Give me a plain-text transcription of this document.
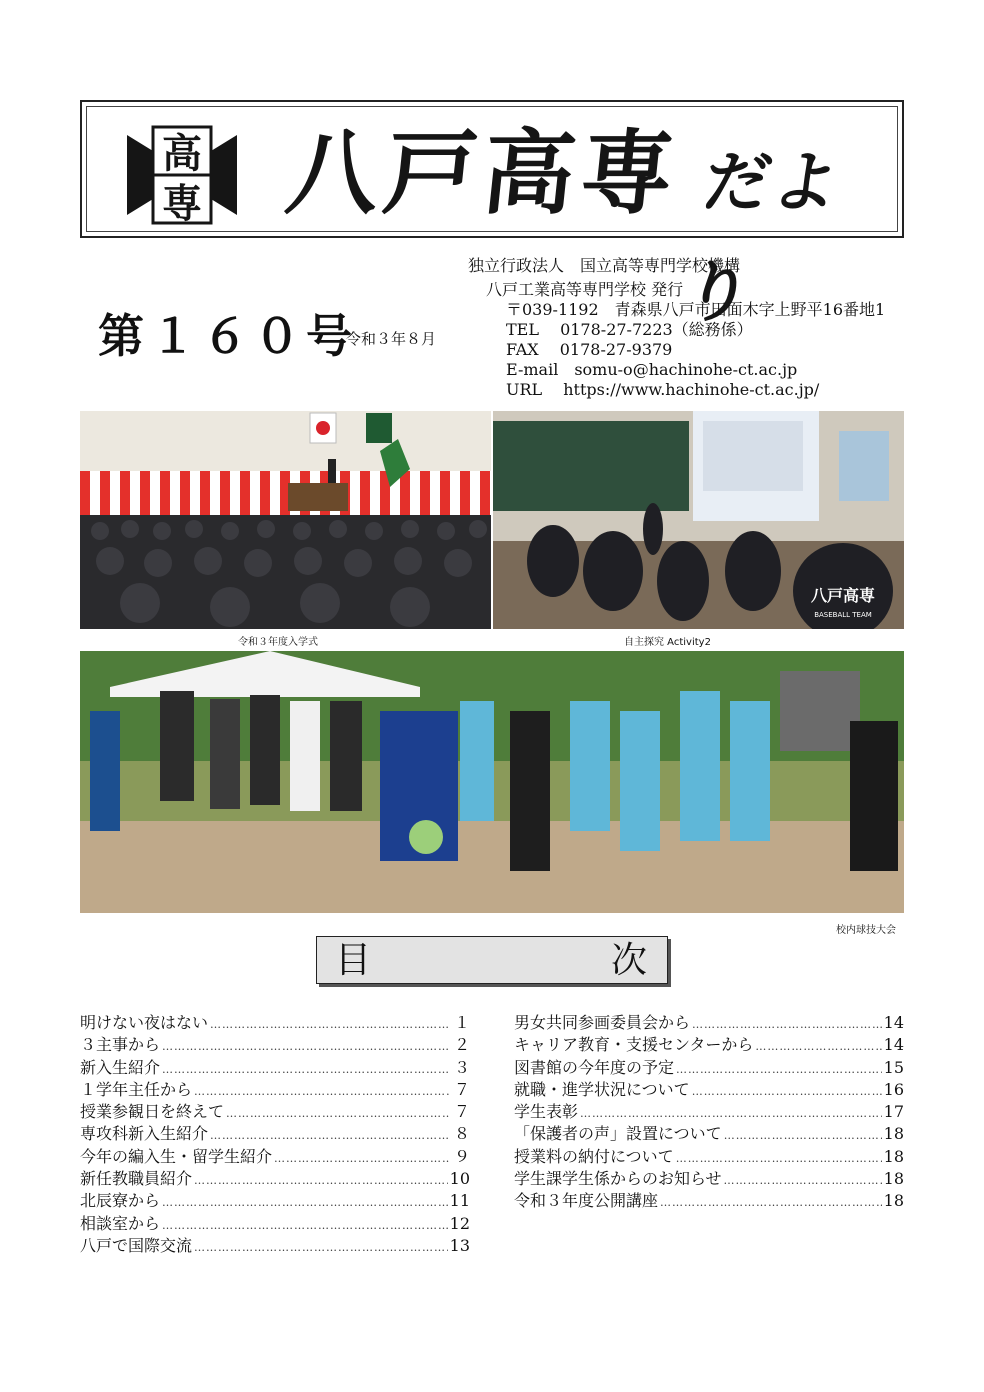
高
専 八戸高専 だより
第１６０号
令和３年８月
独立行政法人　国立高等専門学校機構
八戸工業高等専門学校 発行
〒039-1192　青森県八戸市田面木字上野平16番地1
TEL　 0178-27-7223（総務係）
FAX　 0178-27-9379
E-mail　somu-o@hachinohe-ct.ac.jp
URL　 https://www.hachinohe-ct.ac.jp/
令和３年度入学式
八戸高専
BASEBALL TEAM
自主探究 Activity2
校内球技大会
目	次
明けない夜はない …………………………………………………………………………………………………………………	１
３主事から …………………………………………………………………………………………………………………	２
新入生紹介 …………………………………………………………………………………………………………………	３
１学年主任から …………………………………………………………………………………………………………………	７
授業参観日を終えて …………………………………………………………………………………………………………………	７
専攻科新入生紹介 …………………………………………………………………………………………………………………	８
今年の編入生・留学生紹介 …………………………………………………………………………………………………………………	９
新任教職員紹介 …………………………………………………………………………………………………………………	10
北辰寮から …………………………………………………………………………………………………………………	11
相談室から …………………………………………………………………………………………………………………	12
八戸で国際交流 …………………………………………………………………………………………………………………	13
男女共同参画委員会から …………………………………………………………………………………………………………………	14
キャリア教育・支援センターから …………………………………………………………………………………………………………………	14
図書館の今年度の予定 …………………………………………………………………………………………………………………	15
就職・進学状況について …………………………………………………………………………………………………………………	16
学生表彰 …………………………………………………………………………………………………………………	17
「保護者の声」設置について …………………………………………………………………………………………………………………	18
授業料の納付について …………………………………………………………………………………………………………………	18
学生課学生係からのお知らせ …………………………………………………………………………………………………………………	18
令和３年度公開講座 …………………………………………………………………………………………………………………	18
